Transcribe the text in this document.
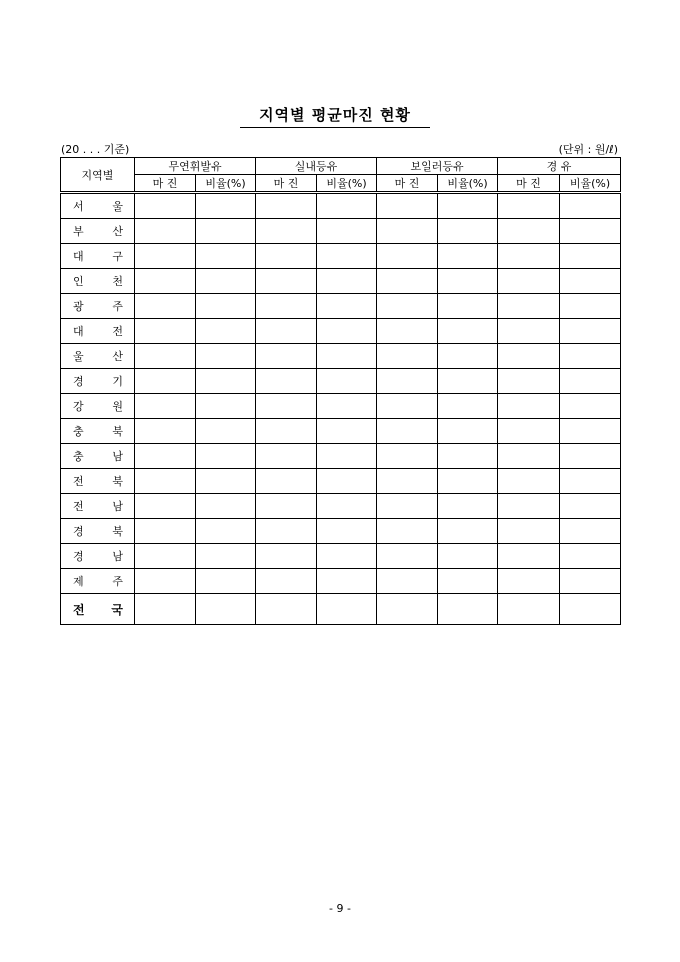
지역별 평균마진 현황
(20 . . . 기준)	(단위 : 원/ℓ)
지역별	무연휘발유		실내등유		보일러등유		경 유	
	마 진	비율(%)	마 진	비율(%)	마 진	비율(%)	마 진	비율(%)

서 울								

부 산								

대 구								

인 천								

광 주								

대 전								

울 산								

경 기								

강 원								

충 북								

충 남								

전 북								

전 남								

경 북								

경 남								

제 주								

전 국								

- 9 -
